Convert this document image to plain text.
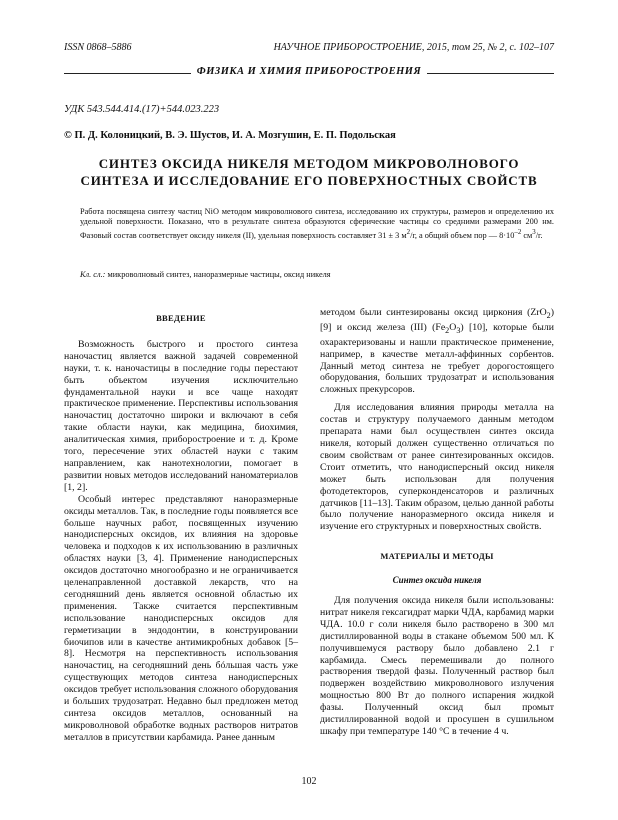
ISSN 0868–5886	НАУЧНОЕ ПРИБОРОСТРОЕНИЕ, 2015, том 25, № 2, c. 102–107
ФИЗИКА И ХИМИЯ ПРИБОРОСТРОЕНИЯ
УДК 543.544.414.(17)+544.023.223
© П. Д. Колоницкий, В. Э. Шустов, И. А. Мозгушин, Е. П. Подольская
СИНТЕЗ ОКСИДА НИКЕЛЯ МЕТОДОМ МИКРОВОЛНОВОГО
СИНТЕЗА И ИССЛЕДОВАНИЕ ЕГО ПОВЕРХНОСТНЫХ СВОЙСТВ
Работа посвящена синтезу частиц NiO методом микроволнового синтеза, исследованию их структуры, размеров и определению их удельной поверхности. Показано, что в результате синтеза образуются сферические частицы со средними размерами 200 нм. Фазовый состав соответствует оксиду никеля (II), удельная поверхность составляет 31 ± 3 $м^2/г$, а общий объем пор — $8\cdot 10^{-2}$ $см^3/г$.
Кл. сл.: микроволновый синтез, наноразмерные частицы, оксид никеля
ВВЕДЕНИЕ

Возможность быстрого и простого синтеза наночастиц является важной задачей современной науки, т. к. наночастицы в последние годы перестают быть объектом изучения исключительно фундаментальной науки и все чаще находят практическое применение. Перспективы использования наночастиц достаточно широки и включают в себя такие области науки, как медицина, биохимия, аналитическая химия, приборостроение и т. д. Кроме того, пересечение этих областей науки с таким направлением, как нанотехнологии, помогает в развитии новых методов исследований наноматериалов [1, 2].

Особый интерес представляют наноразмерные оксиды металлов. Так, в последние годы появляется все больше научных работ, посвященных изучению нанодисперсных оксидов, их влияния на здоровье человека и подходов к их использованию в различных областях науки [3, 4]. Применение нанодисперсных оксидов достаточно многообразно и не ограничивается целенаправленной доставкой лекарств, что на сегодняшний день является основной областью их применения. Также считается перспективным использование нанодисперсных оксидов для герметизации в эндодонтии, в конструировании биочипов или в качестве антимикробных добавок [5–8]. Несмотря на перспективность использования наночастиц, на сегодняшний день бóльшая часть уже существующих методов синтеза нанодисперсных оксидов требует использования сложного оборудования и больших трудозатрат. Недавно был предложен метод синтеза оксидов металлов, основанный на микроволновой обработке водных растворов нитратов металлов в присутствии карбамида. Ранее данным

методом были синтезированы оксид циркония (ZrO$_2$) [9] и оксид железа (III) $(Fe_2O_3)$ [10], которые были охарактеризованы и нашли практическое применение, например, в качестве металл-аффинных сорбентов. Данный метод синтеза не требует дорогостоящего оборудования, больших трудозатрат и использования сложных прекурсоров.

Для исследования влияния природы металла на состав и структуру получаемого данным методом препарата нами был осуществлен синтез оксида никеля, который должен существенно отличаться по своим свойствам от ранее синтезированных оксидов. Стоит отметить, что нанодисперсный оксид никеля может быть использован для получения фотодетекторов, суперконденсаторов и различных датчиков [11–13]. Таким образом, целью данной работы было получение наноразмерного оксида никеля и изучение его структурных и поверхностных свойств.

МАТЕРИАЛЫ И МЕТОДЫ
Синтез оксида никеля

Для получения оксида никеля были использованы: нитрат никеля гексагидрат марки ЧДА, карбамид марки ЧДА. 10.0 г соли никеля было растворено в 300 мл дистиллированной воды в стакане объемом 500 мл. К получившемуся раствору было добавлено 2.1 г карбамида. Смесь перемешивали до полного растворения твердой фазы. Полученный раствор был подвержен воздействию микроволнового излучения мощностью 800 Вт до полного испарения жидкой фазы. Полученный оксид был промыт дистиллированной водой и просушен в сушильном шкафу при температуре 140 °С в течение 4 ч.

102
